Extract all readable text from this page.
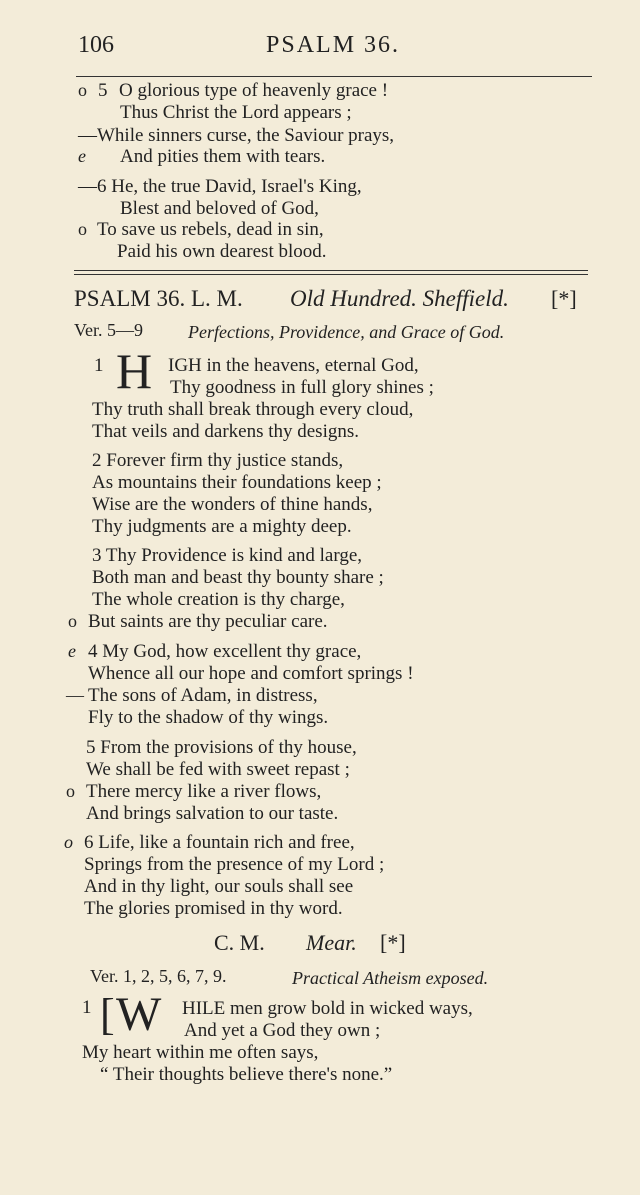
106	PSALM 36.
o 5 O glorious type of heavenly grace !
Thus Christ the Lord appears ;
—While sinners curse, the Saviour prays,
e And pities them with tears.
—6 He, the true David, Israel's King,
Blest and beloved of God,
o To save us rebels, dead in sin,
Paid his own dearest blood.
PSALM 36. L. M. Old Hundred. Sheffield. [*]
Ver. 5—9	Perfections, Providence, and Grace of God.
1 H IGH in the heavens, eternal God,
Thy goodness in full glory shines ;
Thy truth shall break through every cloud,
That veils and darkens thy designs.
2 Forever firm thy justice stands,
As mountains their foundations keep ;
Wise are the wonders of thine hands,
Thy judgments are a mighty deep.
3 Thy Providence is kind and large,
Both man and beast thy bounty share ;
The whole creation is thy charge,
o But saints are thy peculiar care.
e 4 My God, how excellent thy grace,
Whence all our hope and comfort springs !
— The sons of Adam, in distress,
Fly to the shadow of thy wings.
5 From the provisions of thy house,
We shall be fed with sweet repast ;
o There mercy like a river flows,
And brings salvation to our taste.
o 6 Life, like a fountain rich and free,
Springs from the presence of my Lord ;
And in thy light, our souls shall see
The glories promised in thy word.
C. M. Mear. [*]
Ver. 1, 2, 5, 6, 7, 9.	Practical Atheism exposed.
1 [ W HILE men grow bold in wicked ways,
And yet a God they own ;
My heart within me often says,
“ Their thoughts believe there's none.”
